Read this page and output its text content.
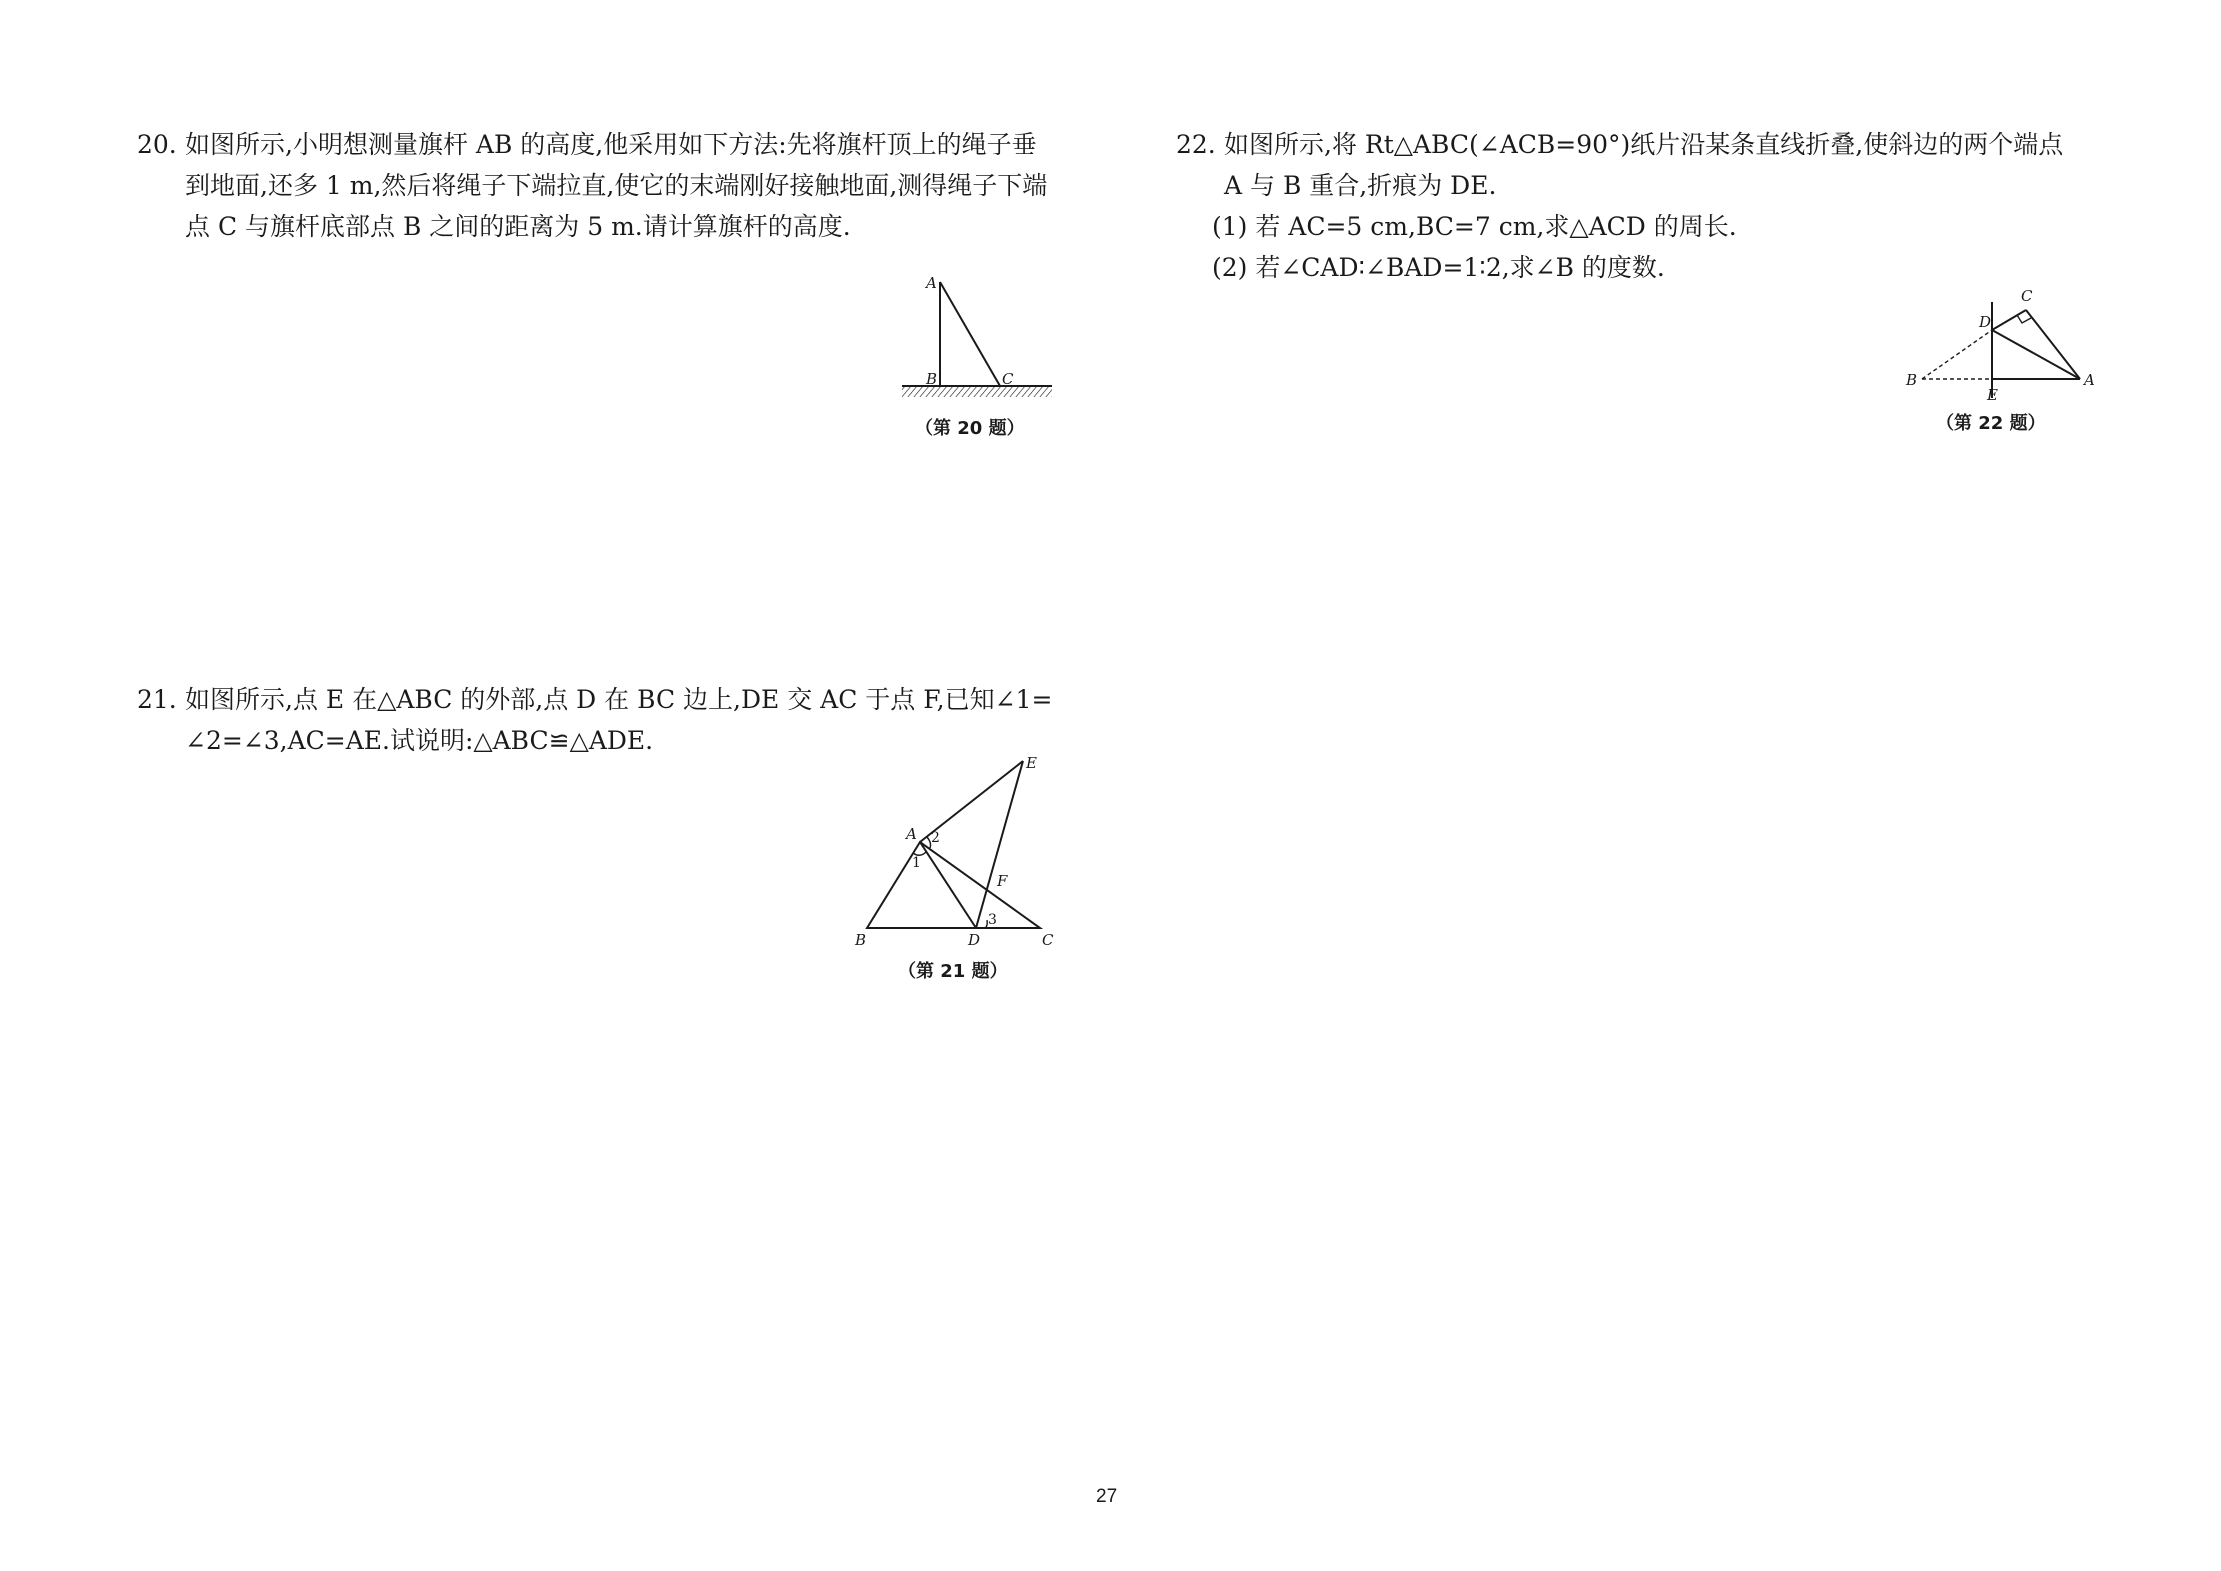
20. 如图所示,小明想测量旗杆 AB 的高度,他采用如下方法:先将旗杆顶上的绳子垂
到地面,还多 1 m,然后将绳子下端拉直,使它的末端刚好接触地面,测得绳子下端
点 C 与旗杆底部点 B 之间的距离为 5 m.请计算旗杆的高度.
A
B	C
（第 20 题）
21. 如图所示,点 E 在△ABC 的外部,点 D 在 BC 边上,DE 交 AC 于点 F,已知∠1=
∠2=∠3,AC=AE.试说明:△ABC≌△ADE.
A
B	C
D
E
F
1
2
3
（第 21 题）
22. 如图所示,将 Rt△ABC(∠ACB=90°)纸片沿某条直线折叠,使斜边的两个端点
A 与 B 重合,折痕为 DE.
(1) 若 AC=5 cm,BC=7 cm,求△ACD 的周长.
(2) 若∠CAD∶∠BAD=1∶2,求∠B 的度数.
D
C
B
E
A
（第 22 题）
27
